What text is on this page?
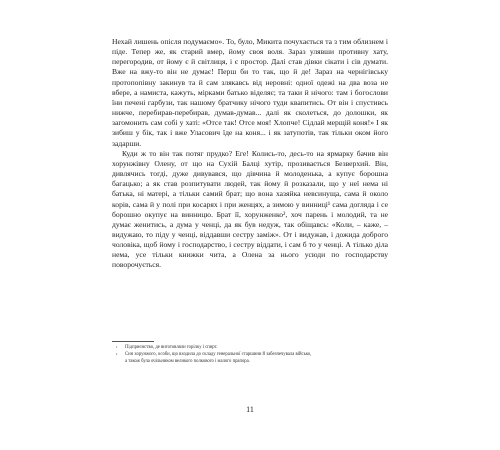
Нехай лишень опісля подумаємо». То, було, Микита почухається та з тим облизнем і піде. Тепер же, як старий вмер, йому своя воля. Зараз улявши противну хату, перегородив, от йому є й світлиця, і є простор. Далі став дівки сікати і сів думати. Вже на вжу-то він не думає! Перш би то так, що й де! Зараз на чернігівську протопопівну закинув та й сам злякавсь від неровні: одної одежі на два воза не вбере, а намиста, кажуть, мірками батько віделяє; та таки й нічого: там і богослови їни печені гарбузи, так нашому братчику нічого туди квапитись. От він і спустивсь нижче, перебирав-перебирав, думав-думав... далі як сколеться, до долошки, як загомонить сам собі у хаті: «Отсе так! Отсе моя! Хлопче! Сідлай мерщій коня!» І як зибиш у бік, так і вже Уласович їде на коня... і як затупотів, так тільки оком його задарши.

Куди ж то він так потяг прудко? Еге! Колись-то, десь-то на ярмарку бачив він хорунжівну Олену, от що на Сухій Балці хутір, прозивається Безверхий. Він, дивлячись тогді, дуже дивувався, що дівчина й молоденька, а купує борошна багацько; а як став розпитувати людей, так йому й розказали, що у неї нема ні батька, ні матері, а тільки самий брат; що вона хазяйка невсинуща, сама й около корів, сама й у полі при косарях і при женцях, а зимою у винниці¹ сама догляда і се борошно окупує на винницю. Брат її, хорунженко², хоч парень і молодий, та не думає женитись, а дума у ченці, да як був недуж, так обіщавсь: «Коли, – каже, – видужаю, то піду у ченці, віддавши сестру заміж». От і видужав, і дожида доброго чоловіка, щоб йому і господарство, і сестру віддати, і сам б то у ченці. А тілько діла нема, усе тільки книжки чита, а Олена за нього усюди по господарству поворочується.

¹ Підприємство, де виготовляли горілку і спирт.

² Син хорунжого, особи, що входила до складу генеральної старшини й забезпечувала військо, а також була очільником великого полкового і малого прапора.

11
